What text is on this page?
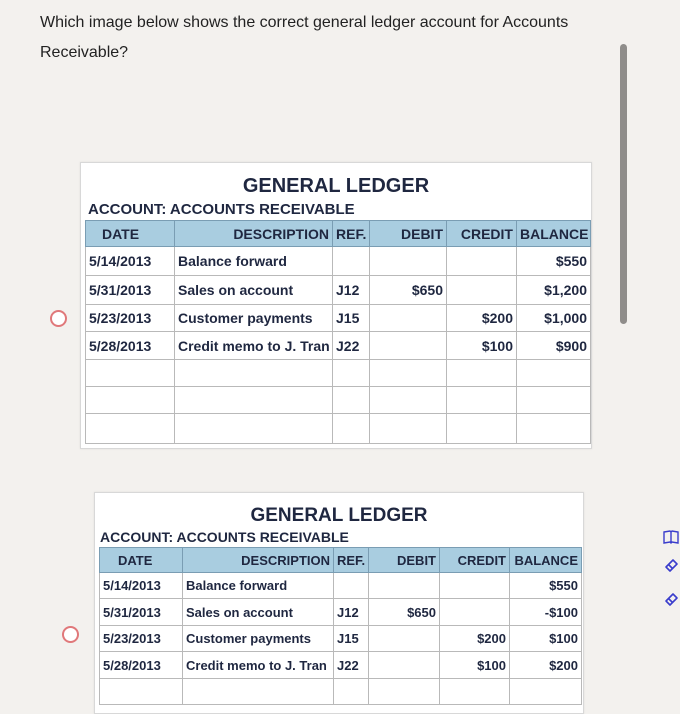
Which image below shows the correct general ledger account for Accounts Receivable?
GENERAL LEDGER
ACCOUNT: ACCOUNTS RECEIVABLE
DATE	DESCRIPTION	REF.	DEBIT	CREDIT	BALANCE
5/14/2013	Balance forward				$550
5/31/2013	Sales on account	J12	$650		$1,200
5/23/2013	Customer payments	J15		$200	$1,000
5/28/2013	Credit memo to J. Tran	J22		$100	$900

GENERAL LEDGER
ACCOUNT: ACCOUNTS RECEIVABLE
DATE	DESCRIPTION	REF.	DEBIT	CREDIT	BALANCE
5/14/2013	Balance forward				$550
5/31/2013	Sales on account	J12	$650		-$100
5/23/2013	Customer payments	J15		$200	$100
5/28/2013	Credit memo to J. Tran	J22		$100	$200
